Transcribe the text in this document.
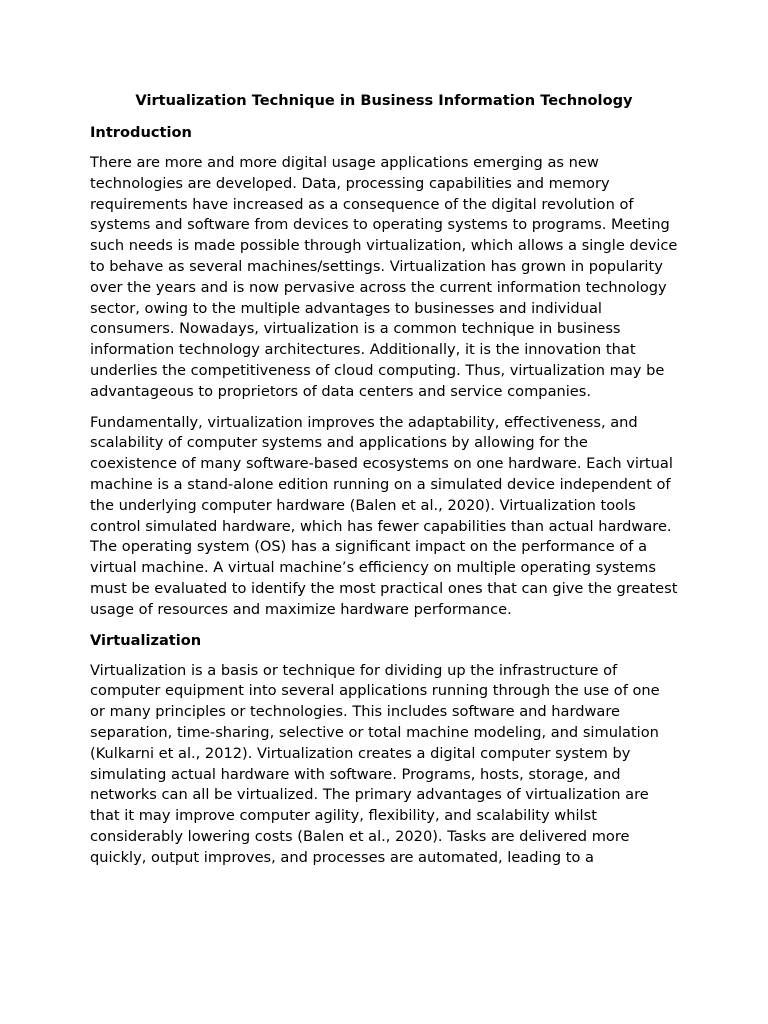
Virtualization Technique in Business Information Technology
Introduction

There are more and more digital usage applications emerging as new technologies are developed. Data, processing capabilities and memory requirements have increased as a consequence of the digital revolution of systems and software from devices to operating systems to programs. Meeting such needs is made possible through virtualization, which allows a single device to behave as several machines/settings. Virtualization has grown in popularity over the years and is now pervasive across the current information technology sector, owing to the multiple advantages to businesses and individual consumers. Nowadays, virtualization is a common technique in business information technology architectures. Additionally, it is the innovation that underlies the competitiveness of cloud computing. Thus, virtualization may be advantageous to proprietors of data centers and service companies.

Fundamentally, virtualization improves the adaptability, effectiveness, and scalability of computer systems and applications by allowing for the coexistence of many software-based ecosystems on one hardware. Each virtual machine is a stand-alone edition running on a simulated device independent of the underlying computer hardware (Balen et al., 2020). Virtualization tools control simulated hardware, which has fewer capabilities than actual hardware. The operating system (OS) has a significant impact on the performance of a virtual machine. A virtual machine’s efficiency on multiple operating systems must be evaluated to identify the most practical ones that can give the greatest usage of resources and maximize hardware performance.

Virtualization

Virtualization is a basis or technique for dividing up the infrastructure of computer equipment into several applications running through the use of one or many principles or technologies. This includes software and hardware separation, time-sharing, selective or total machine modeling, and simulation (Kulkarni et al., 2012). Virtualization creates a digital computer system by simulating actual hardware with software. Programs, hosts, storage, and networks can all be virtualized. The primary advantages of virtualization are that it may improve computer agility, flexibility, and scalability whilst considerably lowering costs (Balen et al., 2020). Tasks are delivered more quickly, output improves, and processes are automated, leading to a
